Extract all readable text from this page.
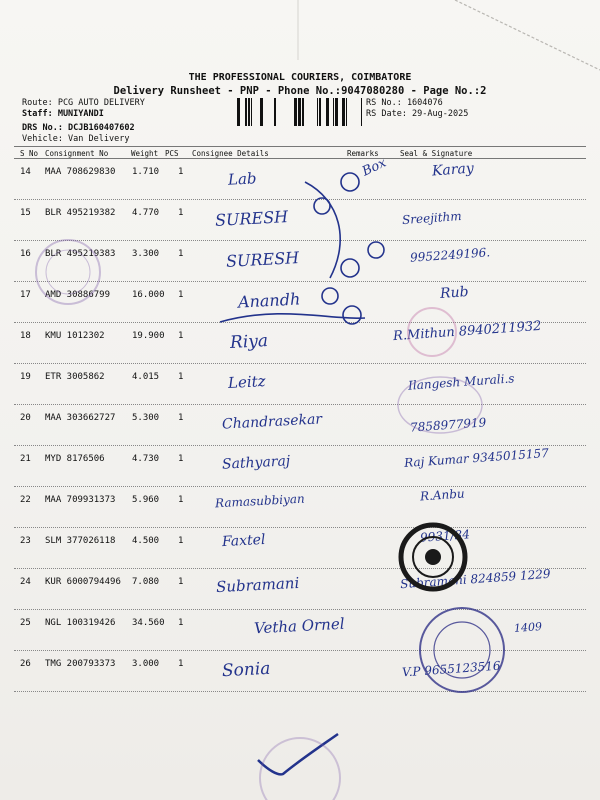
THE PROFESSIONAL COURIERS, COIMBATORE
Delivery Runsheet - PNP - Phone No.:9047080280 - Page No.:2
Route: PCG AUTO DELIVERY
Staff: MUNIYANDI
DRS No.: DCJB160407602
Vehicle: Van Delivery
RS No.: 1604076
RS Date: 29-Aug-2025
S No Consignment No	Weight PCS Consignee Details	Remarks	Seal & Signature
14 MAA 708629830 1.710 1	Lab	Box	Karay
15 BLR 495219382 4.770 1 SURESH	Sreejithm
16 BLR 495219383 3.300 1	SURESH	9952249196.
17 AMD 30886799 16.000 1	Anandh	Rub
18 KMU 1012302	19.900 1	Riya	R.Mithun 8940211932
19 ETR 3005862	4.015 1	Leitz	Ilangesh Murali.s
20 MAA 303662727 5.300 1	Chandrasekar	7858977919
21 MYD 8176506	4.730 1	Sathyaraj	Raj Kumar 9345015157
22 MAA 709931373 5.960 1	Ramasubbiyan	R.Anbu
23 SLM 377026118 4.500 1	Faxtel	9931/34
24 KUR 6000794496 7.080 1 Subramani	Subramani 824859 1229
25 NGL 100319426 34.560 1	Vetha Ornel	1409
26 TMG 200793373 3.000 1 Sonia	V.P 9655123516
